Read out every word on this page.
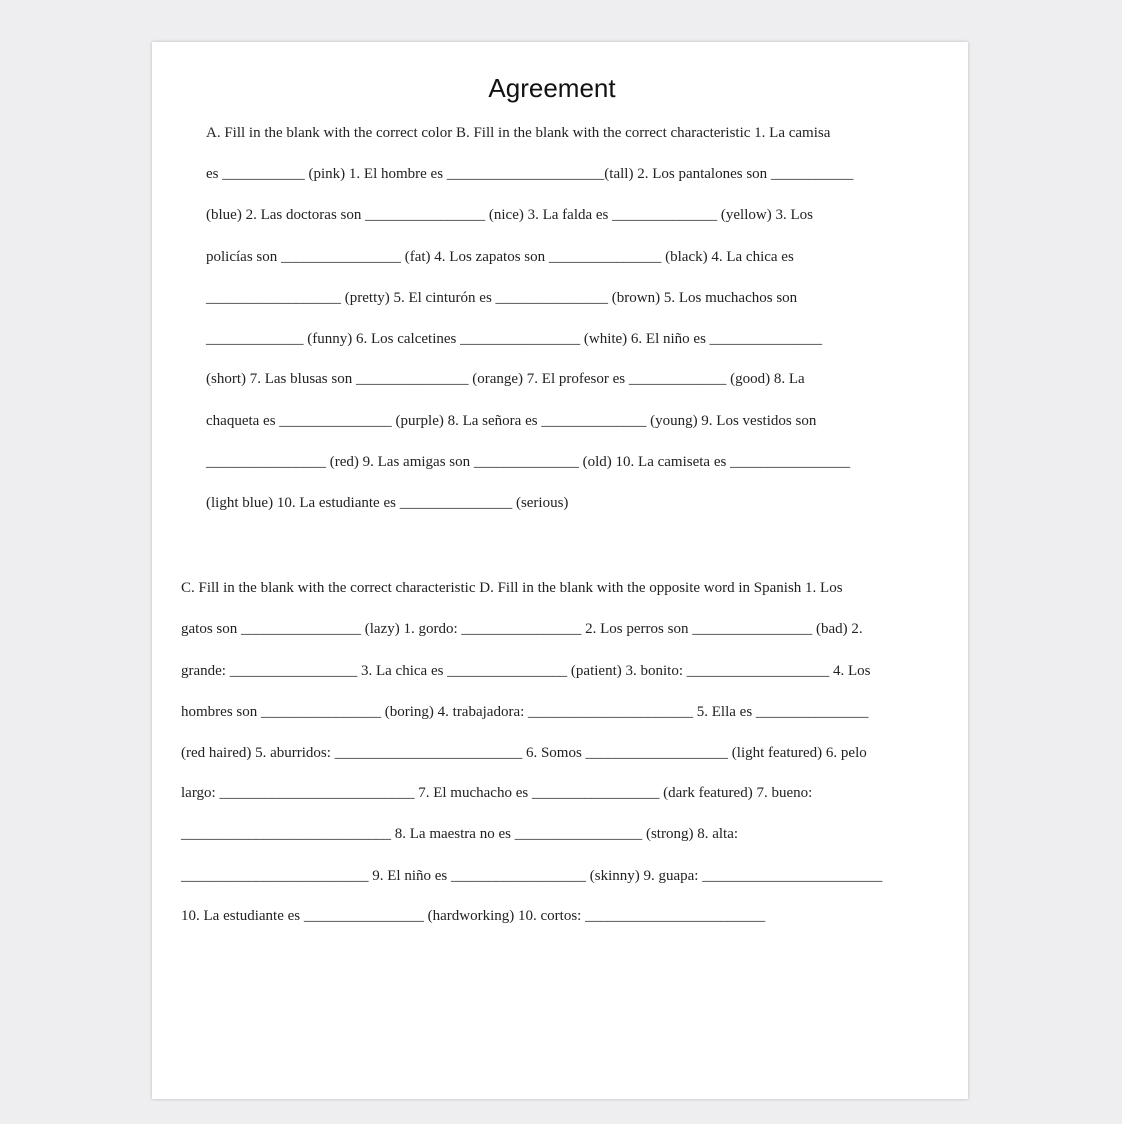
Agreement
A. Fill in the blank with the correct color B. Fill in the blank with the correct characteristic 1. La camisa
es ___________ (pink) 1. El hombre es _____________________(tall) 2. Los pantalones son ___________
(blue) 2. Las doctoras son ________________ (nice) 3. La falda es ______________ (yellow) 3. Los
policías son ________________ (fat) 4. Los zapatos son _______________ (black) 4. La chica es
__________________ (pretty) 5. El cinturón es _______________ (brown) 5. Los muchachos son
_____________ (funny) 6. Los calcetines ________________ (white) 6. El niño es _______________
(short) 7. Las blusas son _______________ (orange) 7. El profesor es _____________ (good) 8. La
chaqueta es _______________ (purple) 8. La señora es ______________ (young) 9. Los vestidos son
________________ (red) 9. Las amigas son ______________ (old) 10. La camiseta es ________________
(light blue) 10. La estudiante es _______________ (serious)
C. Fill in the blank with the correct characteristic D. Fill in the blank with the opposite word in Spanish 1. Los
gatos son ________________ (lazy) 1. gordo: ________________ 2. Los perros son ________________ (bad) 2.
grande: _________________ 3. La chica es ________________ (patient) 3. bonito: ___________________ 4. Los
hombres son ________________ (boring) 4. trabajadora: ______________________ 5. Ella es _______________
(red haired) 5. aburridos: _________________________ 6. Somos ___________________ (light featured) 6. pelo
largo: __________________________ 7. El muchacho es _________________ (dark featured) 7. bueno:
____________________________ 8. La maestra no es _________________ (strong) 8. alta:
_________________________ 9. El niño es __________________ (skinny) 9. guapa: ________________________
10. La estudiante es ________________ (hardworking) 10. cortos: ________________________
